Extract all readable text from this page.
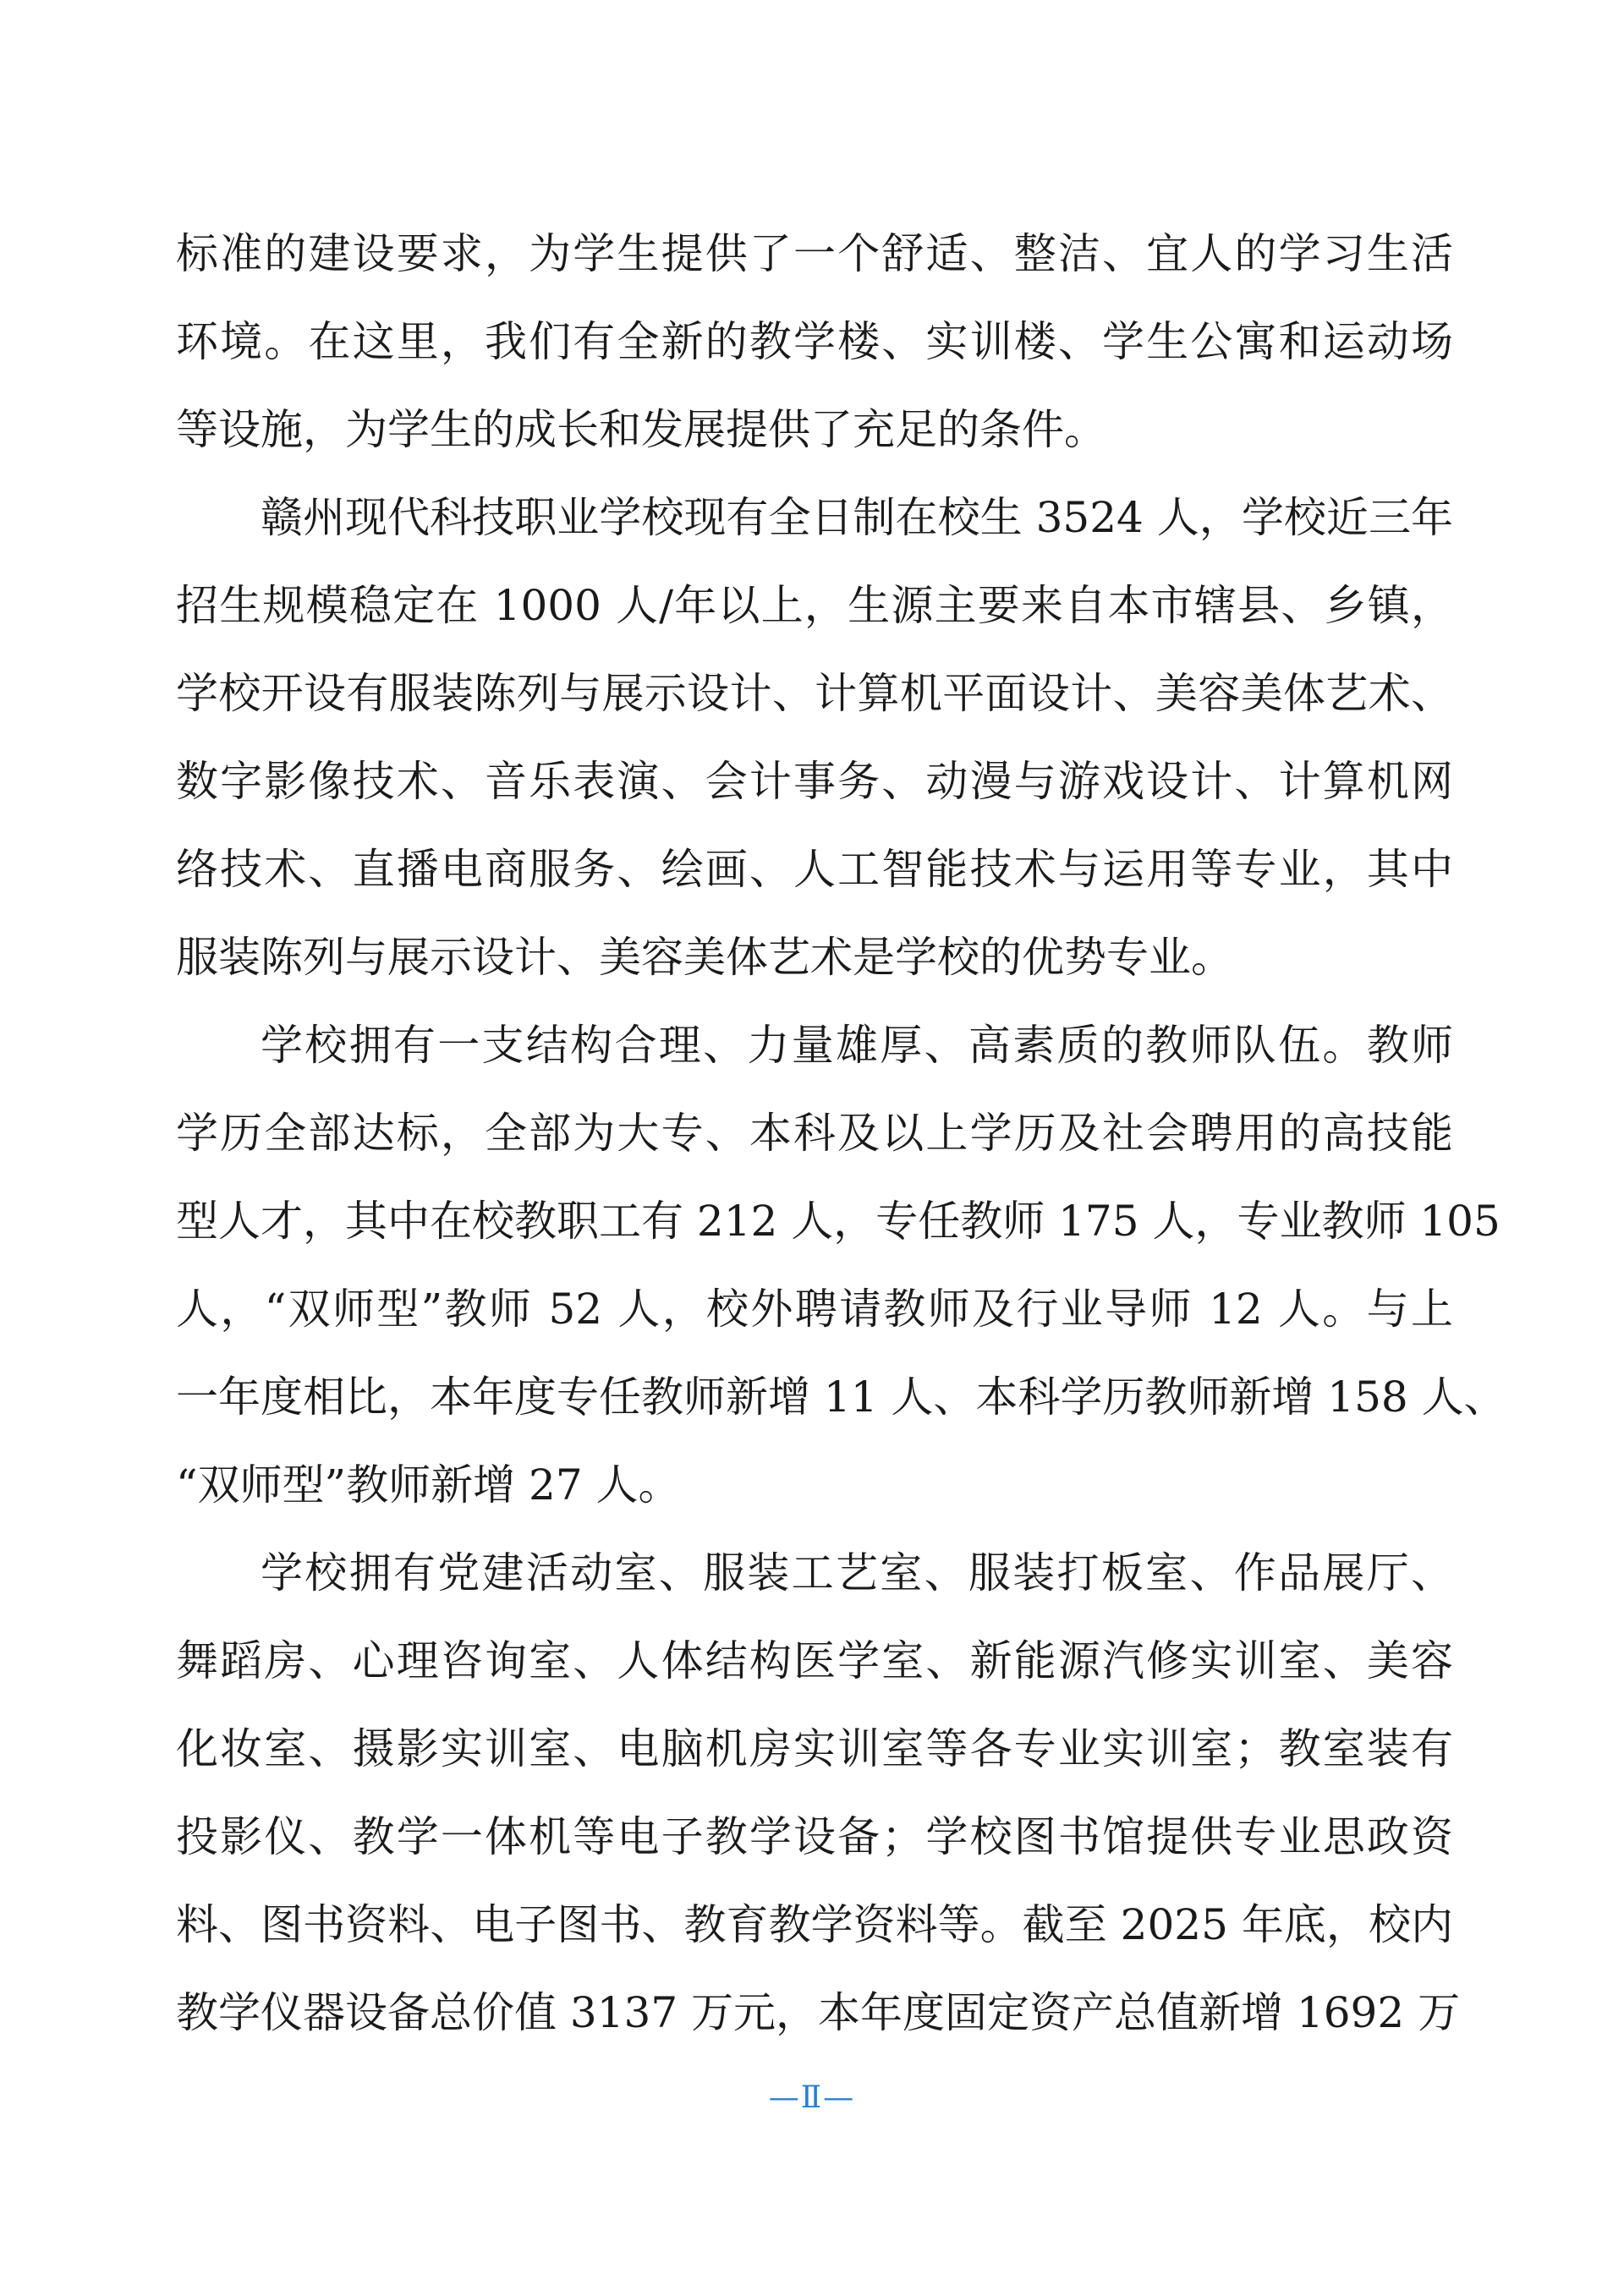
标准的建设要求，为学生提供了一个舒适、整洁、宜人的学习生活
环境。在这里，我们有全新的教学楼、实训楼、学生公寓和运动场
等设施，为学生的成长和发展提供了充足的条件。
赣州现代科技职业学校现有全日制在校生 3524 人，学校近三年
招生规模稳定在 1000 人/年以上，生源主要来自本市辖县、乡镇，
学校开设有服装陈列与展示设计、计算机平面设计、美容美体艺术、
数字影像技术、音乐表演、会计事务、动漫与游戏设计、计算机网
络技术、直播电商服务、绘画、人工智能技术与运用等专业，其中
服装陈列与展示设计、美容美体艺术是学校的优势专业。
学校拥有一支结构合理、力量雄厚、高素质的教师队伍。教师
学历全部达标，全部为大专、本科及以上学历及社会聘用的高技能
型人才，其中在校教职工有 212 人，专任教师 175 人，专业教师 105
人，“双师型”教师 52 人，校外聘请教师及行业导师 12 人。与上
一年度相比，本年度专任教师新增 11 人、本科学历教师新增 158 人、
“双师型”教师新增 27 人。
学校拥有党建活动室、服装工艺室、服装打板室、作品展厅、
舞蹈房、心理咨询室、人体结构医学室、新能源汽修实训室、美容
化妆室、摄影实训室、电脑机房实训室等各专业实训室；教室装有
投影仪、教学一体机等电子教学设备；学校图书馆提供专业思政资
料、图书资料、电子图书、教育教学资料等。截至 2025 年底，校内
教学仪器设备总价值 3137 万元，本年度固定资产总值新增 1692 万
—Ⅱ—
